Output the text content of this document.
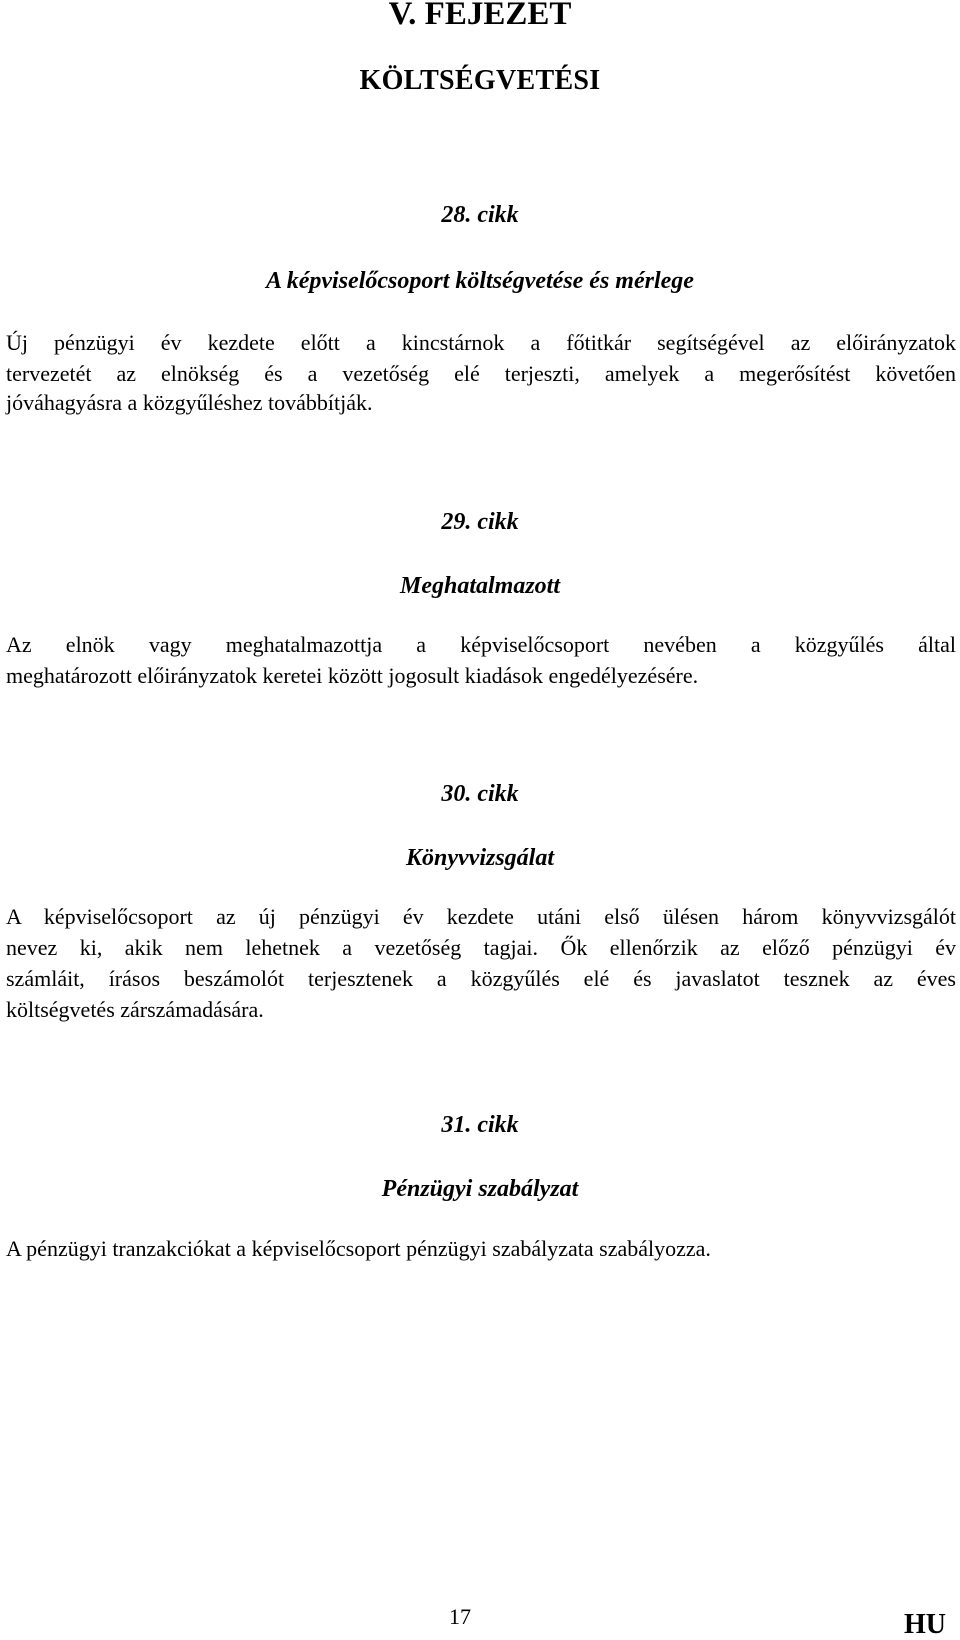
V. FEJEZET
KÖLTSÉGVETÉSI
28. cikk
A képviselőcsoport költségvetése és mérlege

Új pénzügyi év kezdete előtt a kincstárnok a főtitkár segítségével az előirányzatok

tervezetét az elnökség és a vezetőség elé terjeszti, amelyek a megerősítést követően

jóváhagyásra a közgyűléshez továbbítják.

29. cikk
Meghatalmazott

Az elnök vagy meghatalmazottja a képviselőcsoport nevében a közgyűlés által

meghatározott előirányzatok keretei között jogosult kiadások engedélyezésére.

30. cikk
Könyvvizsgálat

A képviselőcsoport az új pénzügyi év kezdete utáni első ülésen három könyvvizsgálót

nevez ki, akik nem lehetnek a vezetőség tagjai. Ők ellenőrzik az előző pénzügyi év

számláit, írásos beszámolót terjesztenek a közgyűlés elé és javaslatot tesznek az éves

költségvetés zárszámadására.

31. cikk
Pénzügyi szabályzat

A pénzügyi tranzakciókat a képviselőcsoport pénzügyi szabályzata szabályozza.

17	HU
